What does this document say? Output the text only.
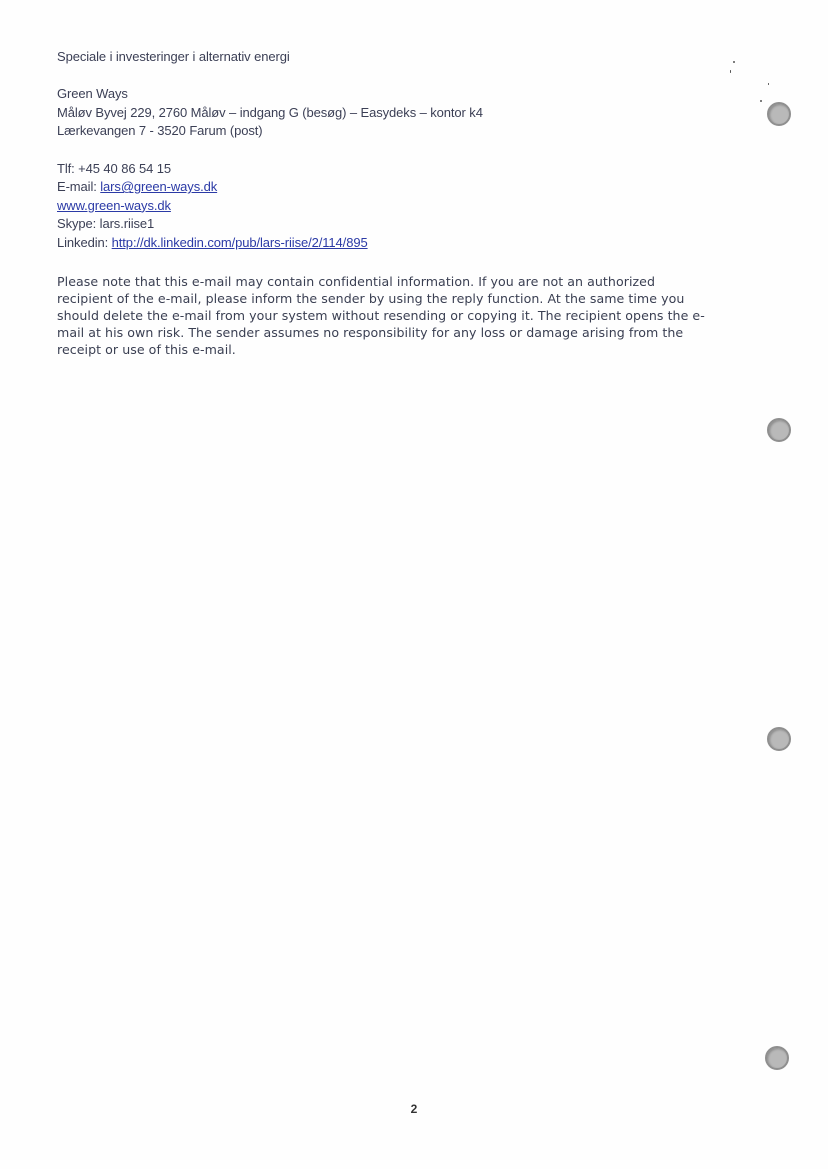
Speciale i investeringer i alternativ energi
Green Ways
Måløv Byvej 229, 2760 Måløv – indgang G (besøg) – Easydeks – kontor k4
Lærkevangen 7 - 3520 Farum (post)
Tlf: +45 40 86 54 15
E-mail: lars@green-ways.dk
www.green-ways.dk
Skype: lars.riise1
Linkedin: http://dk.linkedin.com/pub/lars-riise/2/114/895
Please note that this e-mail may contain confidential information. If you are not an authorized
recipient of the e-mail, please inform the sender by using the reply function. At the same time you
should delete the e-mail from your system without resending or copying it. The recipient opens the e-
mail at his own risk. The sender assumes no responsibility for any loss or damage arising from the
receipt or use of this e-mail.
2
